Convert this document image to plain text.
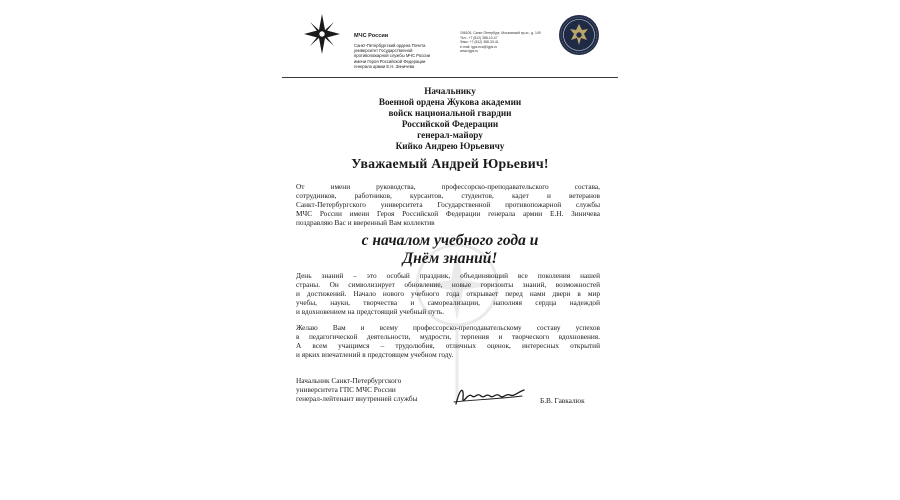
МЧС России
Санкт-Петербургский ордена Почета
университет Государственной
противопожарной службы МЧС России
имени Героя Российской Федерации
генерала армии Е.Н. Зиничева
196105, Санкт-Петербург, Московский пр-кт., д. 149
Тел.: +7 (812) 388-10-47
Факс: +7 (812) 388-33-41
e-mail: igps.ecs@igps.ru
www.igps.ru
Начальнику
Военной ордена Жукова академии
войск национальной гвардии
Российской Федерации
генерал-майору
Кийко Андрею Юрьевичу
Уважаемый Андрей Юрьевич!
От имени руководства, профессорско-преподавательского состава,
сотрудников, работников, курсантов, студентов, кадет и ветеранов
Санкт-Петербургского университета Государственной противопожарной службы
МЧС России имени Героя Российской Федерации генерала армии Е.Н. Зиничева
поздравляю Вас и вверенный Вам коллектив
с началом учебного года и
Днём знаний!
День знаний – это особый праздник, объединяющий все поколения нашей
страны. Он символизирует обновление, новые горизонты знаний, возможностей
и достижений. Начало нового учебного года открывает перед нами двери в мир
учебы, науки, творчества и самореализации, наполняя сердца надеждой
и вдохновением на предстоящий учебный путь.
Желаю Вам и всему профессорско-преподавательскому составу успехов
в педагогической деятельности, мудрости, терпения и творческого вдохновения.
А всем учащимся – трудолюбия, отличных оценок, интересных открытий
и ярких впечатлений в предстоящем учебном году.
Начальник Санкт-Петербургского
университета ГПС МЧС России
генерал-лейтенант внутренней службы	Б.В. Гавкалюк
